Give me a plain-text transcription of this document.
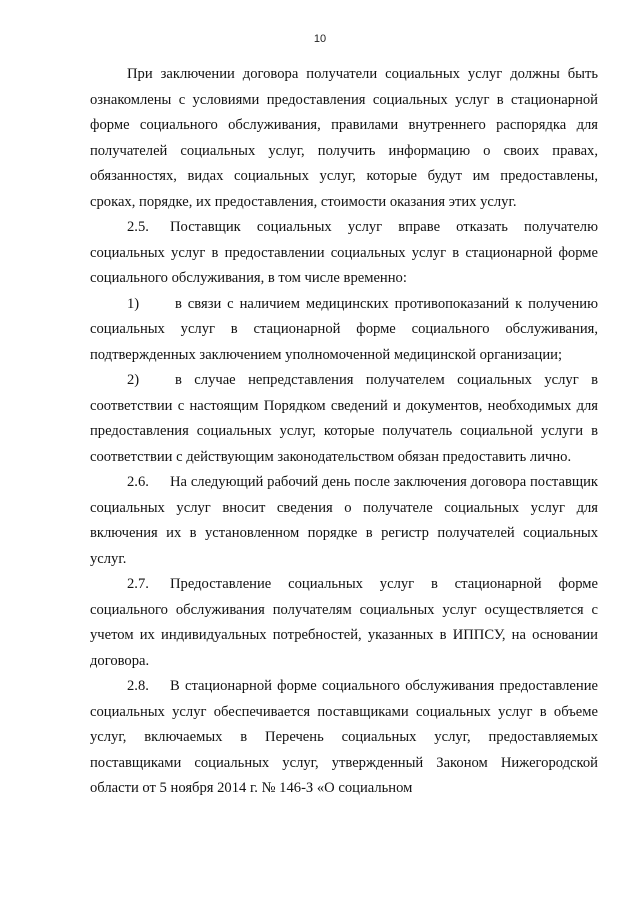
10

При заключении договора получатели социальных услуг должны быть ознакомлены с условиями предоставления социальных услуг в стационарной форме социального обслуживания, правилами внутреннего распорядка для получателей социальных услуг, получить информацию о своих правах, обязанностях, видах социальных услуг, которые будут им предоставлены, сроках, порядке, их предоставления, стоимости оказания этих услуг.

2.5. Поставщик социальных услуг вправе отказать получателю социальных услуг в предоставлении социальных услуг в стационарной форме социального обслуживания, в том числе временно:

1) в связи с наличием медицинских противопоказаний к получению социальных услуг в стационарной форме социального обслуживания, подтвержденных заключением уполномоченной медицинской организации;

2) в случае непредставления получателем социальных услуг в соответствии с настоящим Порядком сведений и документов, необходимых для предоставления социальных услуг, которые получатель социальной услуги в соответствии с действующим законодательством обязан предоставить лично.

2.6. На следующий рабочий день после заключения договора поставщик социальных услуг вносит сведения о получателе социальных услуг для включения их в установленном порядке в регистр получателей социальных услуг.

2.7. Предоставление социальных услуг в стационарной форме социального обслуживания получателям социальных услуг осуществляется с учетом их индивидуальных потребностей, указанных в ИППСУ, на основании договора.

2.8. В стационарной форме социального обслуживания предоставление социальных услуг обеспечивается поставщиками социальных услуг в объеме услуг, включаемых в Перечень социальных услуг, предоставляемых поставщиками социальных услуг, утвержденный Законом Нижегородской области от 5 ноября 2014 г. № 146-З «О социальном
